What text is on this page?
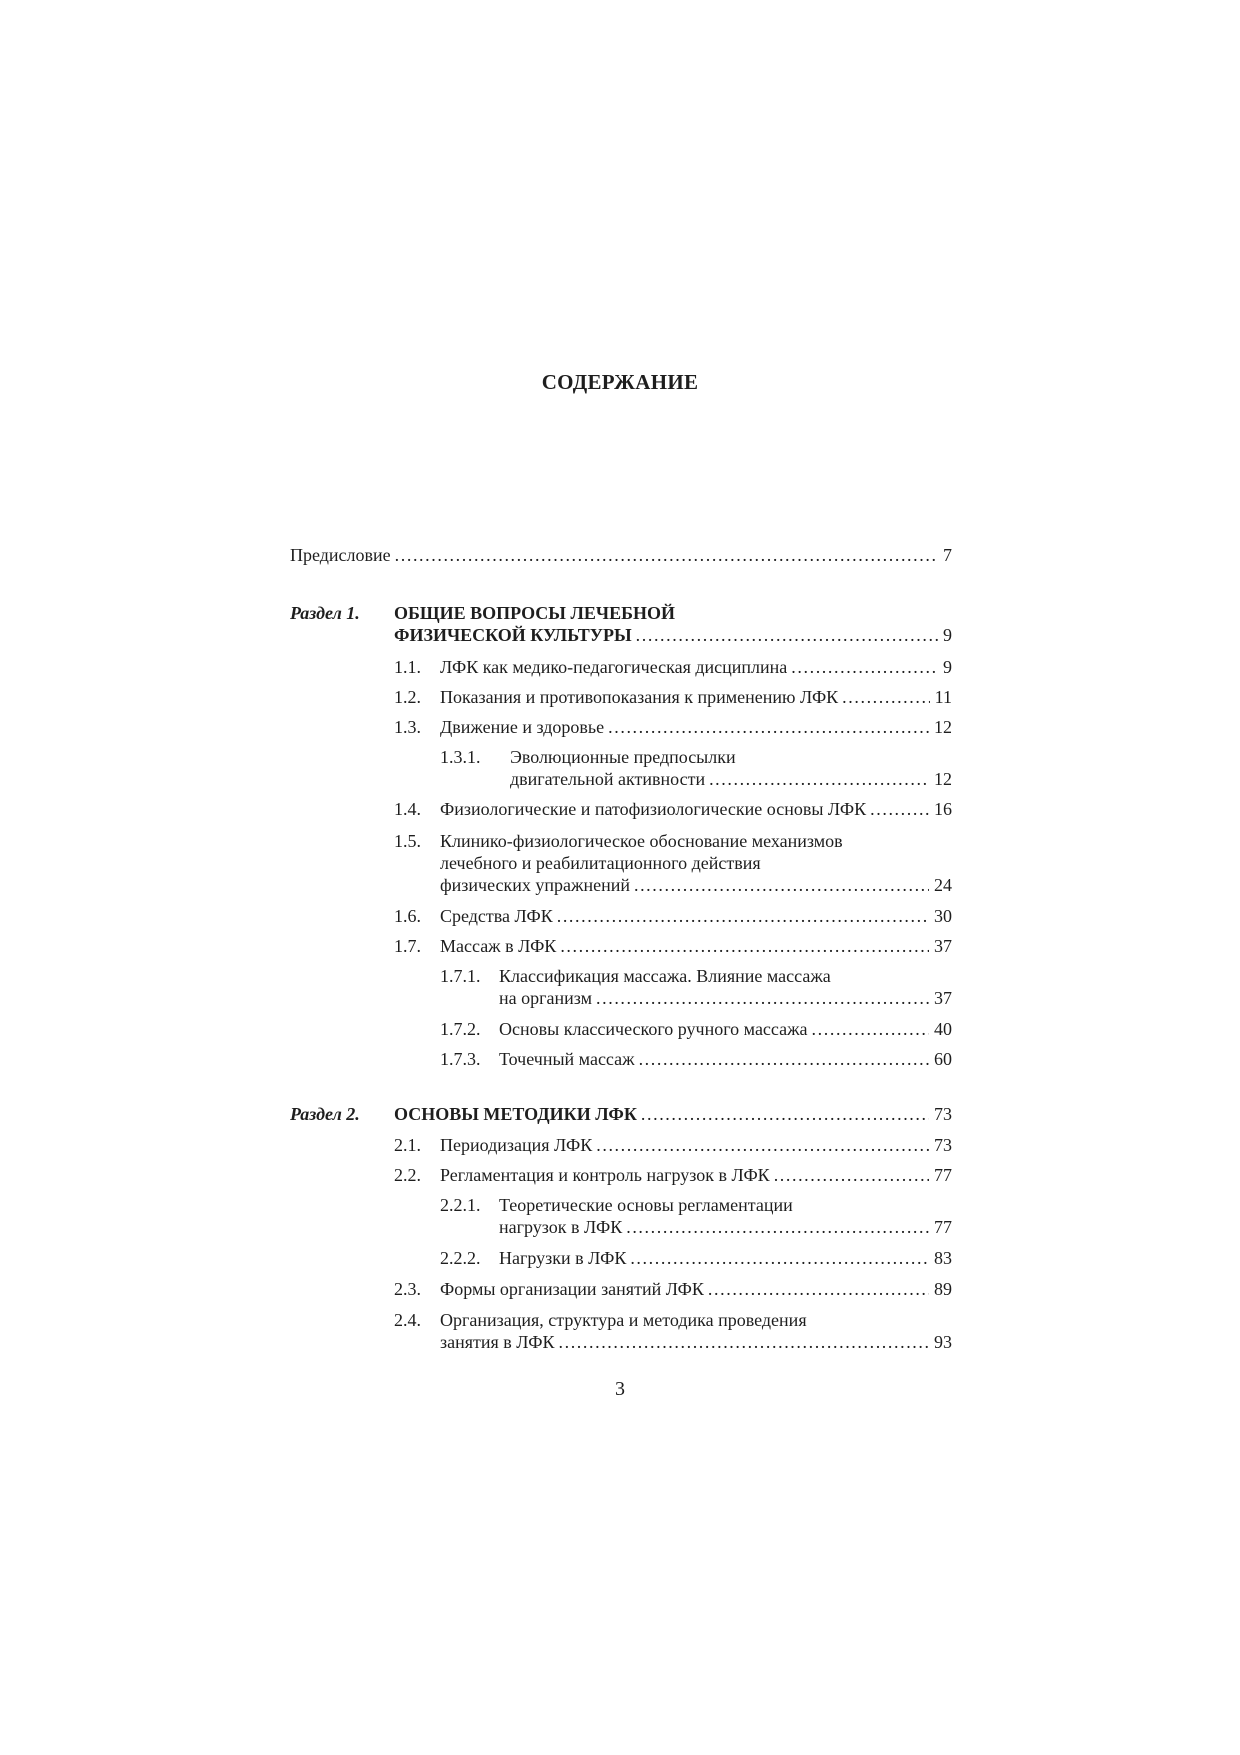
СОДЕРЖАНИЕ
Предисловие .....	7
Раздел 1. ОБЩИЕ ВОПРОСЫ ЛЕЧЕБНОЙ
ФИЗИЧЕСКОЙ КУЛЬТУРЫ .....	9
1.1. ЛФК как медико-педагогическая дисциплина .....	9
1.2. Показания и противопоказания к применению ЛФК .....	11
1.3. Движение и здоровье .....	12
1.3.1. Эволюционные предпосылки
двигательной активности .....	12
1.4. Физиологические и патофизиологические основы ЛФК .....	16
1.5. Клинико-физиологическое обоснование механизмов
лечебного и реабилитационного действия
физических упражнений .....	24
1.6. Средства ЛФК .....	30
1.7. Массаж в ЛФК .....	37
1.7.1. Классификация массажа. Влияние массажа
на организм .....	37
1.7.2. Основы классического ручного массажа .....	40
1.7.3. Точечный массаж .....	60
Раздел 2. ОСНОВЫ МЕТОДИКИ ЛФК .....	73
2.1. Периодизация ЛФК .....	73
2.2. Регламентация и контроль нагрузок в ЛФК .....	77
2.2.1. Теоретические основы регламентации
нагрузок в ЛФК .....	77
2.2.2. Нагрузки в ЛФК .....	83
2.3. Формы организации занятий ЛФК .....	89
2.4. Организация, структура и методика проведения
занятия в ЛФК .....	93
3
